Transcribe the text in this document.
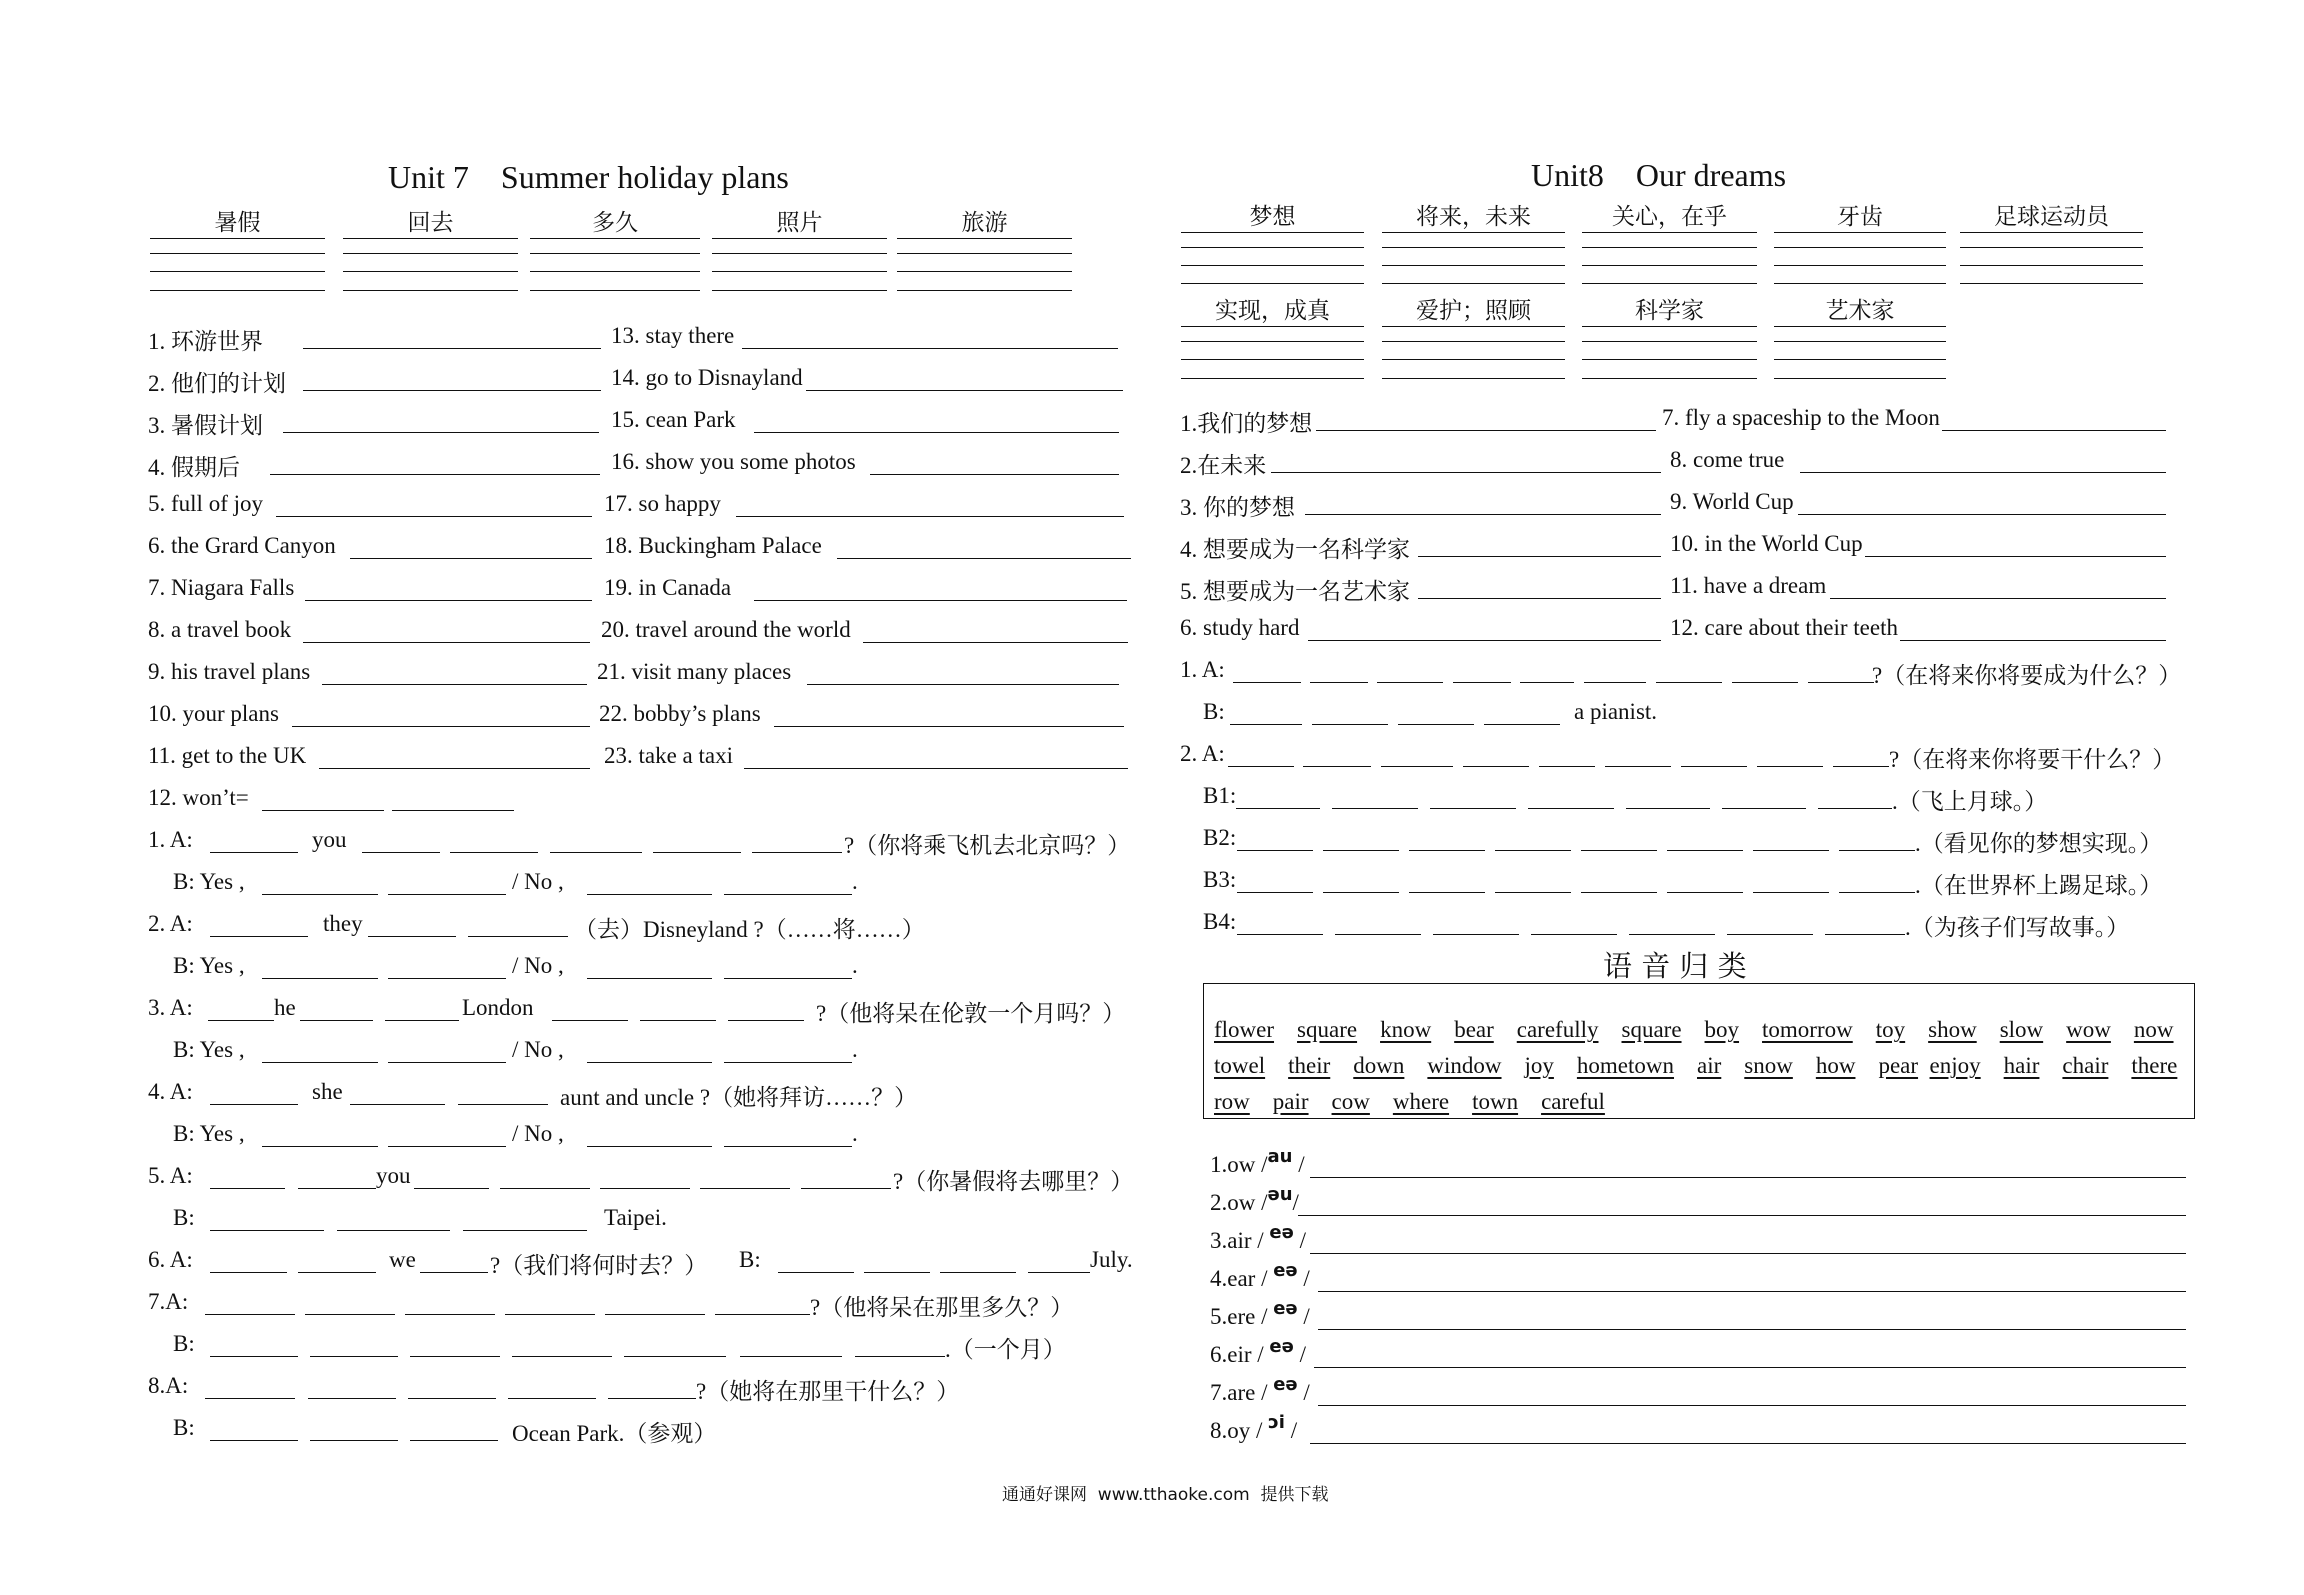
Unit 7　Summer holiday plans
暑假	回去	多久	照片	旅游
1. 环游世界
2. 他们的计划
3. 暑假计划
4. 假期后
5. full of joy
6. the Grard Canyon
7. Niagara Falls
8. a travel book
9. his travel plans
10. your plans
11. get to the UK
12. won’t=
13. stay there
14. go to Disnayland
15. cean Park
16. show you some photos
17. so happy
18. Buckingham Palace
19. in Canada
20. travel around the world
21. visit many places
22. bobby’s plans
23. take a taxi
1. A:	you	?（你将乘飞机去北京吗？）
B: Yes ,	/ No ,	.
2. A:	they	（去）Disneyland ?（……将……）
B: Yes ,	/ No ,	.
3. A:	he	London	?（他将呆在伦敦一个月吗？）
B: Yes ,	/ No ,	.
4. A:	she	aunt and uncle ?（她将拜访……？）
B: Yes ,	/ No ,	.
5. A:	you	?（你暑假将去哪里？）
B:	Taipei.
6. A:	we	?（我们将何时去？） B:	July.
7.A:	?（他将呆在那里多久？）
B:	.（一个月）
8.A:	?（她将在那里干什么？）
B:	Ocean Park.（参观）
Unit8　Our dreams
梦想	将来，未来	关心，在乎	牙齿	足球运动员
实现，成真	爱护；照顾	科学家	艺术家
1.我们的梦想
2.在未来
3. 你的梦想
4. 想要成为一名科学家
5. 想要成为一名艺术家
6. study hard
7. fly a spaceship to the Moon
8. come true
9. World Cup
10. in the World Cup
11. have a dream
12. care about their teeth
1. A:	?（在将来你将要成为什么？）
B:	a pianist.
2. A:	?（在将来你将要干什么？）
B1:	.（飞上月球。）
B2:	.（看见你的梦想实现。）
B3:	.（在世界杯上踢足球。）
B4:	.（为孩子们写故事。）
语 音 归 类
flower square know bear carefully square boy tomorrow toy show slow wow now
towel their down window joy hometown air snow how pear enjoy hair chair there
row pair cow where town careful
1.ow /$^{au}$ /
2.ow /$^{əu}$/
3.air / $^{eə}$ /
4.ear / $^{eə}$ /
5.ere / $^{eə}$ /
6.eir / $^{eə}$ /
7.are / $^{eə}$ /
8.oy / $^{ɔi}$ /
通通好课网  www.tthaoke.com  提供下载
